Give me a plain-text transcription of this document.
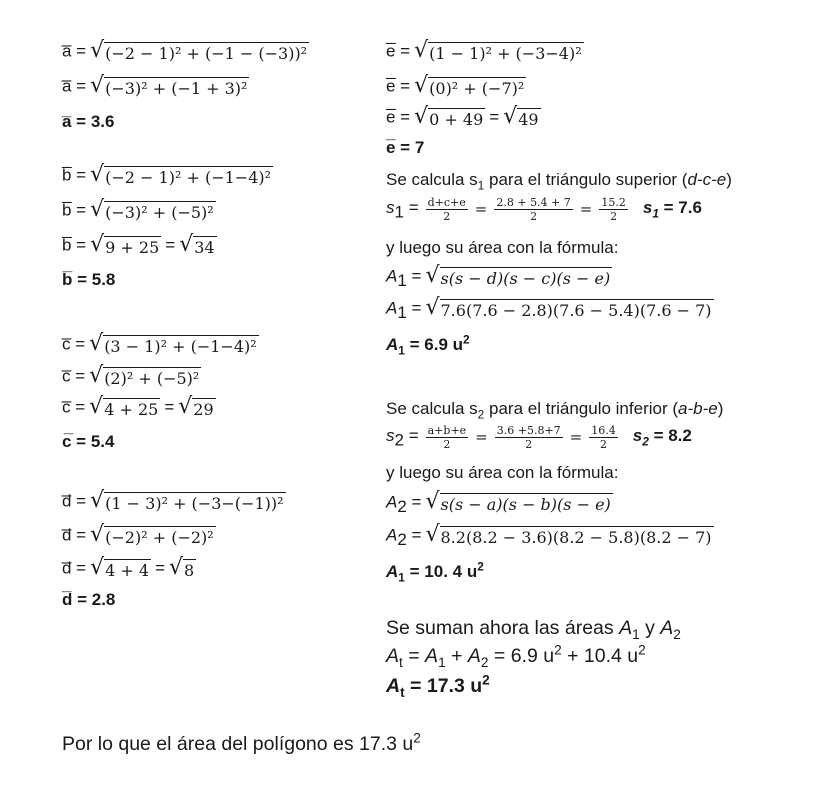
a̅ = √ (−2 − 1)² + (−1 − (−3))²
a̅ = √ (−3)² + (−1 + 3)²
a̅ = 3.6
b̅ = √ (−2 − 1)² + (−1−4)²
b̅ = √ (−3)² + (−5)²
b̅ = √ 9 + 25 = √ 34
b̅ = 5.8
c̅ = √ (3 − 1)² + (−1−4)²
c̅ = √ (2)² + (−5)²
c̅ = √ 4 + 25 = √ 29
c̅ = 5.4
d̅ = √ (1 − 3)² + (−3−(−1))²
d̅ = √ (−2)² + (−2)²
d̅ = √ 4 + 4 = √ 8
d̅ = 2.8
e̅ = √ (1 − 1)² + (−3−4)²
e̅ = √ (0)² + (−7)²
e̅ = √ 0 + 49 = √ 49
e̅ = 7
Se calcula $s_1$ para el triángulo superior (d-c-e)
$s_1 = \frac{d+c+e}{2} = \frac{2.8 + 5.4 + 7}{2} = \frac{15.2}{2} s_1 = 7.6$
y luego su área con la fórmula:
$A_1$ = √ s(s − d)(s − c)(s − e)
$A_1$ = √ 7.6(7.6 − 2.8)(7.6 − 5.4)(7.6 − 7)
$A_1 = 6.9$ $u^2$
Se calcula $s_2$ para el triángulo inferior (a-b-e)
$s_2 = \frac{a+b+e}{2} = \frac{3.6 +5.8+7}{2} = \frac{16.4}{2} s_2 = 8.2$
y luego su área con la fórmula:
$A_2$ = √ s(s − a)(s − b)(s − e)
$A_2$ = √ 8.2(8.2 − 3.6)(8.2 − 5.8)(8.2 − 7)
$A_1 = 10$. 4 $u^2$
Se suman ahora las áreas $A_1$ y $A_2$
$A_t = A_1 + A_2 = 6.9$ $u^2 + 10.4$ $u^2$
$A_t = 17.3$ $u^2$
Por lo que el área del polígono es 17.3 $u^2$
